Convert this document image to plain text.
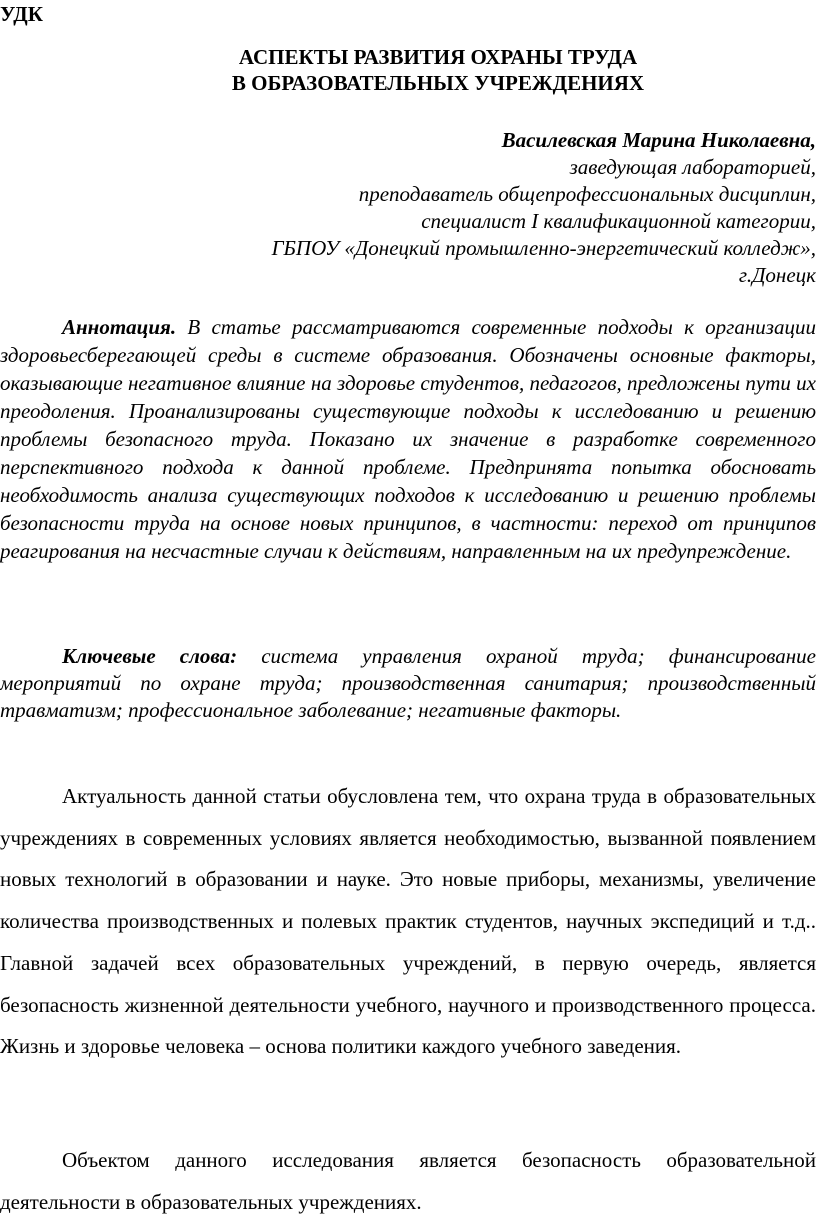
УДК
АСПЕКТЫ РАЗВИТИЯ ОХРАНЫ ТРУДА
В ОБРАЗОВАТЕЛЬНЫХ УЧРЕЖДЕНИЯХ
Василевская Марина Николаевна,
заведующая лабораторией,
преподаватель общепрофессиональных дисциплин,
специалист I квалификационной категории,
ГБПОУ «Донецкий промышленно-энергетический колледж»,
г.Донецк
Аннотация. В статье рассматриваются современные подходы к организации здоровьесберегающей среды в системе образования. Обозначены основные факторы, оказывающие негативное влияние на здоровье студентов, педагогов, предложены пути их преодоления. Проанализированы существующие подходы к исследованию и решению проблемы безопасного труда. Показано их значение в разработке современного перспективного подхода к данной проблеме. Предпринята попытка обосновать необходимость анализа существующих подходов к исследованию и решению проблемы безопасности труда на основе новых принципов, в частности: переход от принципов реагирования на несчастные случаи к действиям, направленным на их предупреждение.
Ключевые слова: система управления охраной труда; финансирование мероприятий по охране труда; производственная санитария; производственный травматизм; профессиональное заболевание; негативные факторы.
Актуальность данной статьи обусловлена тем, что охрана труда в образовательных учреждениях в современных условиях является необходимостью, вызванной появлением новых технологий в образовании и науке. Это новые приборы, механизмы, увеличение количества производственных и полевых практик студентов, научных экспедиций и т.д.. Главной задачей всех образовательных учреждений, в первую очередь, является безопасность жизненной деятельности учебного, научного и производственного процесса. Жизнь и здоровье человека – основа политики каждого учебного заведения.
Объектом данного исследования является безопасность образовательной деятельности в образовательных учреждениях.
